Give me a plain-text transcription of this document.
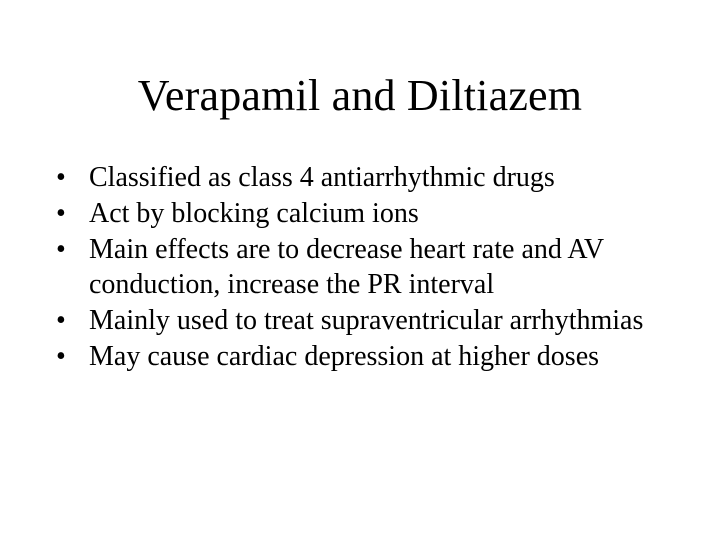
Verapamil and Diltiazem
• Classified as class 4 antiarrhythmic drugs
• Act by blocking calcium ions
• Main effects are to decrease heart rate and AV conduction, increase the PR interval
• Mainly used to treat supraventricular arrhythmias
• May cause cardiac depression at higher doses
